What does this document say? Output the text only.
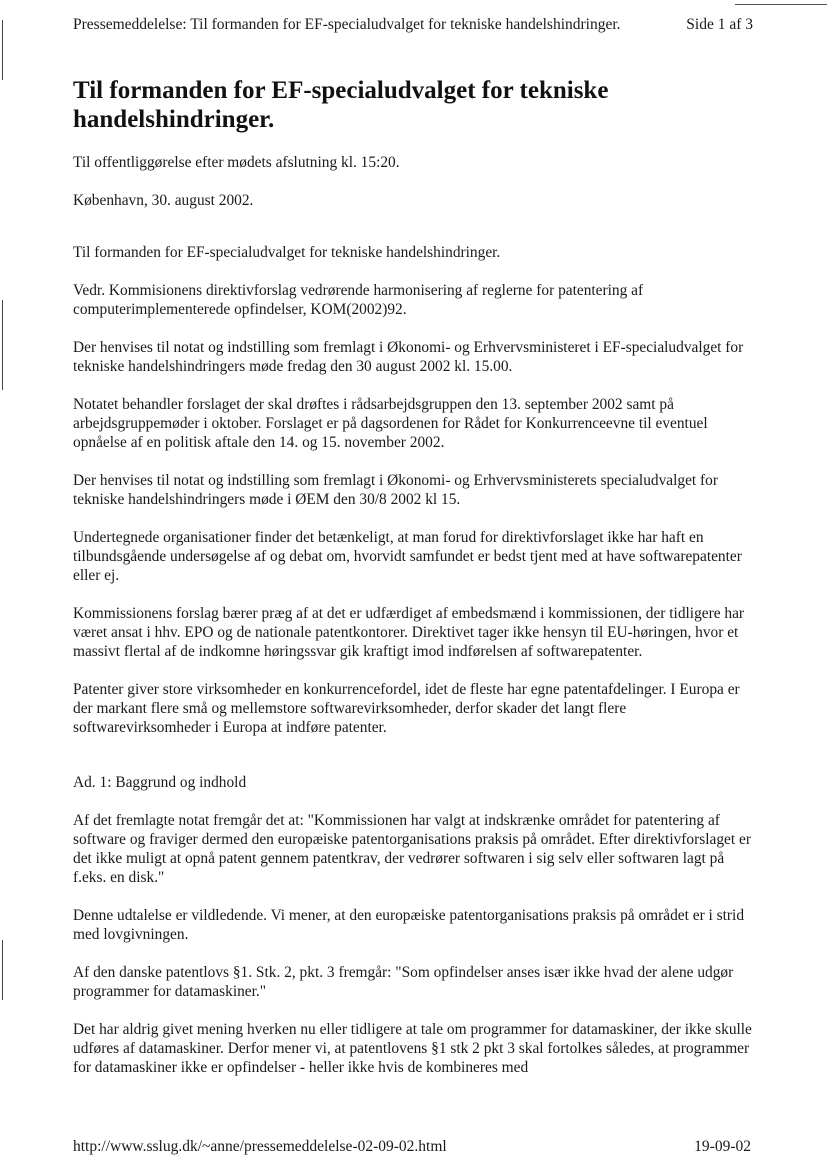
Pressemeddelelse: Til formanden for EF-specialudvalget for tekniske handelshindringer.	Side 1 af 3
Til formanden for EF-specialudvalget for tekniske handelshindringer.

Til offentliggørelse efter mødets afslutning kl. 15:20.

København, 30. august 2002.

Til formanden for EF-specialudvalget for tekniske handelshindringer.

Vedr. Kommisionens direktivforslag vedrørende harmonisering af reglerne for patentering af computerimplementerede opfindelser, KOM(2002)92.

Der henvises til notat og indstilling som fremlagt i Økonomi- og Erhvervsministeret i EF-specialudvalget for tekniske handelshindringers møde fredag den 30 august 2002 kl. 15.00.

Notatet behandler forslaget der skal drøftes i rådsarbejdsgruppen den 13. september 2002 samt på arbejdsgruppemøder i oktober. Forslaget er på dagsordenen for Rådet for Konkurrenceevne til eventuel opnåelse af en politisk aftale den 14. og 15. november 2002.

Der henvises til notat og indstilling som fremlagt i Økonomi- og Erhvervsministerets specialudvalget for tekniske handelshindringers møde i ØEM den 30/8 2002 kl 15.

Undertegnede organisationer finder det betænkeligt, at man forud for direktivforslaget ikke har haft en tilbundsgående undersøgelse af og debat om, hvorvidt samfundet er bedst tjent med at have softwarepatenter eller ej.

Kommissionens forslag bærer præg af at det er udfærdiget af embedsmænd i kommissionen, der tidligere har været ansat i hhv. EPO og de nationale patentkontorer. Direktivet tager ikke hensyn til EU-høringen, hvor et massivt flertal af de indkomne høringssvar gik kraftigt imod indførelsen af softwarepatenter.

Patenter giver store virksomheder en konkurrencefordel, idet de fleste har egne patentafdelinger. I Europa er der markant flere små og mellemstore softwarevirksomheder, derfor skader det langt flere softwarevirksomheder i Europa at indføre patenter.

Ad. 1: Baggrund og indhold

Af det fremlagte notat fremgår det at: "Kommissionen har valgt at indskrænke området for patentering af software og fraviger dermed den europæiske patentorganisations praksis på området. Efter direktivforslaget er det ikke muligt at opnå patent gennem patentkrav, der vedrører softwaren i sig selv eller softwaren lagt på f.eks. en disk."

Denne udtalelse er vildledende. Vi mener, at den europæiske patentorganisations praksis på området er i strid med lovgivningen.

Af den danske patentlovs §1. Stk. 2, pkt. 3 fremgår: "Som opfindelser anses især ikke hvad der alene udgør programmer for datamaskiner."

Det har aldrig givet mening hverken nu eller tidligere at tale om programmer for datamaskiner, der ikke skulle udføres af datamaskiner. Derfor mener vi, at patentlovens §1 stk 2 pkt 3 skal fortolkes således, at programmer for datamaskiner ikke er opfindelser - heller ikke hvis de kombineres med

http://www.sslug.dk/~anne/pressemeddelelse-02-09-02.html	19-09-02
